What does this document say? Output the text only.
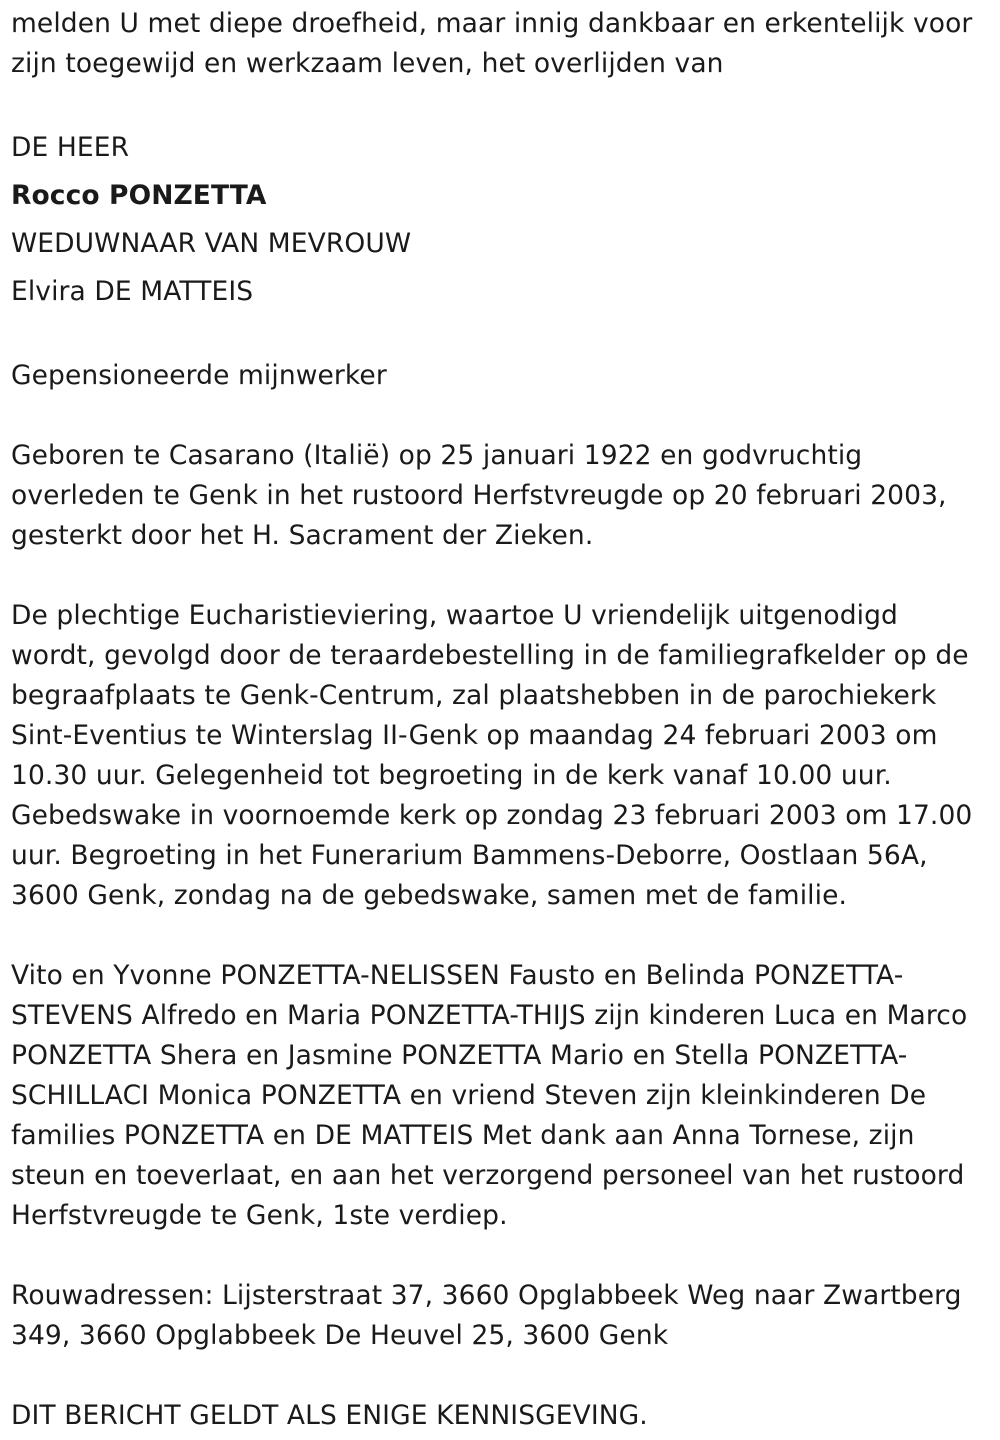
melden U met diepe droefheid, maar innig dankbaar en erkentelijk voor zijn toegewijd en werkzaam leven, het overlijden van

DE HEER

Rocco PONZETTA

WEDUWNAAR VAN MEVROUW

Elvira DE MATTEIS

Gepensioneerde mijnwerker

Geboren te Casarano (Italië) op 25 januari 1922 en godvruchtig overleden te Genk in het rustoord Herfstvreugde op 20 februari 2003, gesterkt door het H. Sacrament der Zieken.

De plechtige Eucharistieviering, waartoe U vriendelijk uitgenodigd wordt, gevolgd door de teraardebestelling in de familiegrafkelder op de begraafplaats te Genk-Centrum, zal plaatshebben in de parochiekerk Sint-Eventius te Winterslag II-Genk op maandag 24 februari 2003 om 10.30 uur. Gelegenheid tot begroeting in de kerk vanaf 10.00 uur. Gebedswake in voornoemde kerk op zondag 23 februari 2003 om 17.00 uur. Begroeting in het Funerarium Bammens-Deborre, Oostlaan 56A, 3600 Genk, zondag na de gebedswake, samen met de familie.

Vito en Yvonne PONZETTA-NELISSEN Fausto en Belinda PONZETTA-STEVENS Alfredo en Maria PONZETTA-THIJS zijn kinderen Luca en Marco PONZETTA Shera en Jasmine PONZETTA Mario en Stella PONZETTA-SCHILLACI Monica PONZETTA en vriend Steven zijn kleinkinderen De families PONZETTA en DE MATTEIS Met dank aan Anna Tornese, zijn steun en toeverlaat, en aan het verzorgend personeel van het rustoord Herfstvreugde te Genk, 1ste verdiep.

Rouwadressen: Lijsterstraat 37, 3660 Opglabbeek Weg naar Zwartberg 349, 3660 Opglabbeek De Heuvel 25, 3600 Genk

DIT BERICHT GELDT ALS ENIGE KENNISGEVING.
